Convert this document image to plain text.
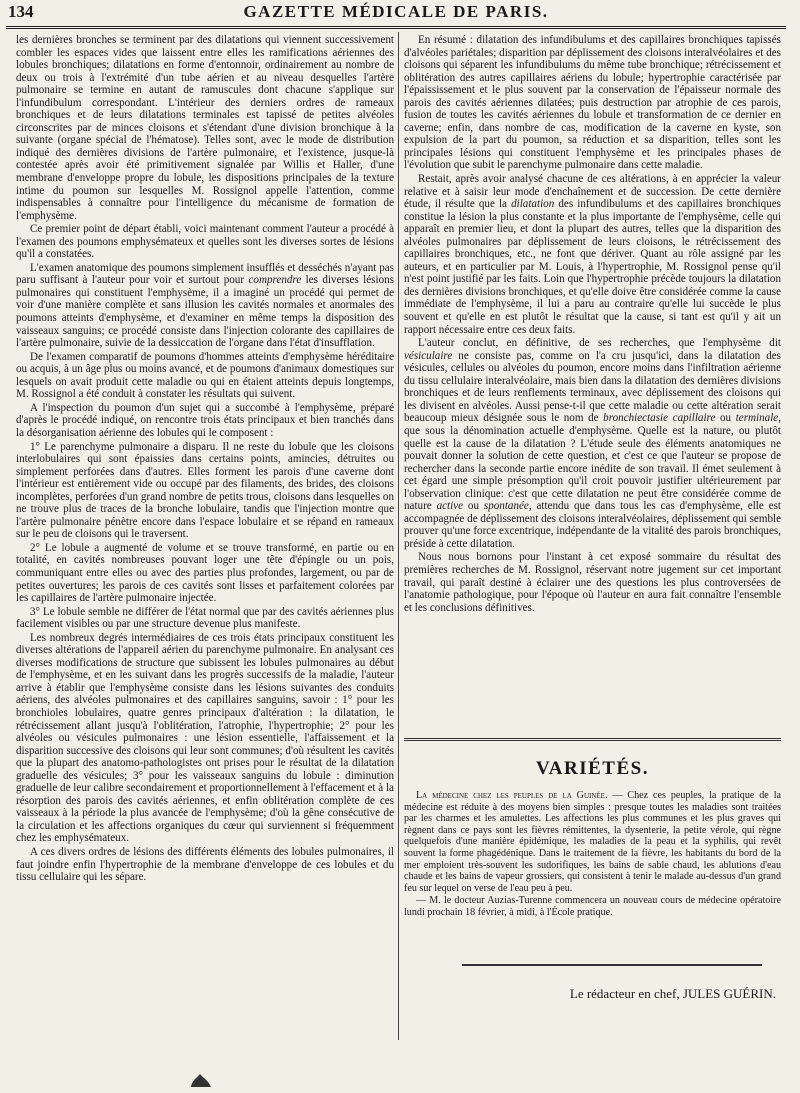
134	GAZETTE MÉDICALE DE PARIS.

les dernières bronches se terminent par des dilatations qui viennent successivement combler les espaces vides que laissent entre elles les ramifications aériennes des lobules bronchiques; dilatations en forme d'entonnoir, ordinairement au nombre de deux ou trois à l'extrémité d'un tube aérien et au niveau desquelles l'artère pulmonaire se termine en autant de ramuscules dont chacune s'applique sur l'infundibulum correspondant. L'intérieur des derniers ordres de rameaux bronchiques et de leurs dilatations terminales est tapissé de petites alvéoles circonscrites par de minces cloisons et s'étendant d'une division bronchique à la suivante (organe spécial de l'hématose). Telles sont, avec le mode de distribution indiqué des dernières divisions de l'artère pulmonaire, et l'existence, jusque-là contestée après avoir été primitivement signalée par Willis et Haller, d'une membrane d'enveloppe propre du lobule, les dispositions principales de la texture intime du poumon sur lesquelles M. Rossignol appelle l'attention, comme indispensables à connaître pour l'intelligence du mécanisme de formation de l'emphysème.

Ce premier point de départ établi, voici maintenant comment l'auteur a procédé à l'examen des poumons emphysémateux et quelles sont les diverses sortes de lésions qu'il a constatées.

L'examen anatomique des poumons simplement insufflés et desséchés n'ayant pas paru suffisant à l'auteur pour voir et surtout pour comprendre les diverses lésions pulmonaires qui constituent l'emphysème, il a imaginé un procédé qui permet de voir d'une manière complète et sans illusion les cavités normales et anormales des poumons atteints d'emphysème, et d'examiner en même temps la disposition des vaisseaux sanguins; ce procédé consiste dans l'injection colorante des capillaires de l'artère pulmonaire, suivie de la dessiccation de l'organe dans l'état d'insufflation.

De l'examen comparatif de poumons d'hommes atteints d'emphysème héréditaire ou acquis, à un âge plus ou moins avancé, et de poumons d'animaux domestiques sur lesquels on avait produit cette maladie ou qui en étaient atteints depuis longtemps, M. Rossignol a été conduit à constater les résultats qui suivent.

A l'inspection du poumon d'un sujet qui a succombé à l'emphysème, préparé d'après le procédé indiqué, on rencontre trois états principaux et bien tranchés dans la désorganisation aérienne des lobules qui le composent :

1° Le parenchyme pulmonaire a disparu. Il ne reste du lobule que les cloisons interlobulaires qui sont épaissies dans certains points, amincies, détruites ou simplement perforées dans d'autres. Elles forment les parois d'une caverne dont l'intérieur est entièrement vide ou occupé par des filaments, des brides, des cloisons incomplètes, perforées d'un grand nombre de petits trous, cloisons dans lesquelles on ne trouve plus de traces de la bronche lobulaire, tandis que l'injection montre que l'artère pulmonaire pénètre encore dans l'espace lobulaire et se répand en rameaux sur le peu de cloisons qui le traversent.

2° Le lobule a augmenté de volume et se trouve transformé, en partie ou en totalité, en cavités nombreuses pouvant loger une tête d'épingle ou un pois, communiquant entre elles ou avec des parties plus profondes, largement, ou par de petites ouvertures; les parois de ces cavités sont lisses et parfaitement colorées par les capillaires de l'artère pulmonaire injectée.

3° Le lobule semble ne différer de l'état normal que par des cavités aériennes plus facilement visibles ou par une structure devenue plus manifeste.

Les nombreux degrés intermédiaires de ces trois états principaux constituent les diverses altérations de l'appareil aérien du parenchyme pulmonaire. En analysant ces diverses modifications de structure que subissent les lobules pulmonaires au début de l'emphysème, et en les suivant dans les progrès successifs de la maladie, l'auteur arrive à établir que l'emphysème consiste dans les lésions suivantes des conduits aériens, des alvéoles pulmonaires et des capillaires sanguins, savoir : 1° pour les bronchioles lobulaires, quatre genres principaux d'altération : la dilatation, le rétrécissement allant jusqu'à l'oblitération, l'atrophie, l'hypertrophie; 2° pour les alvéoles ou vésicules pulmonaires : une lésion essentielle, l'affaissement et la disparition successive des cloisons qui leur sont communes; d'où résultent les cavités que la plupart des anatomo-pathologistes ont prises pour le résultat de la dilatation graduelle des vésicules; 3° pour les vaisseaux sanguins du lobule : diminution graduelle de leur calibre secondairement et proportionnellement à l'effacement et à la résorption des parois des cavités aériennes, et enfin oblitération complète de ces vaisseaux à la période la plus avancée de l'emphysème; d'où la gêne consécutive de la circulation et les affections organiques du cœur qui surviennent si fréquemment chez les emphysémateux.

A ces divers ordres de lésions des différents éléments des lobules pulmonaires, il faut joindre enfin l'hypertrophie de la membrane d'enveloppe de ces lobules et du tissu cellulaire qui les sépare.

En résumé : dilatation des infundibulums et des capillaires bronchiques tapissés d'alvéoles pariétales; disparition par déplissement des cloisons interalvéolaires et des cloisons qui séparent les infundibulums du même tube bronchique; rétrécissement et oblitération des autres capillaires aériens du lobule; hypertrophie caractérisée par l'épaississement et le plus souvent par la conservation de l'épaisseur normale des parois des cavités aériennes dilatées; puis destruction par atrophie de ces parois, fusion de toutes les cavités aériennes du lobule et transformation de ce dernier en caverne; enfin, dans nombre de cas, modification de la caverne en kyste, son expulsion de la part du poumon, sa réduction et sa disparition, telles sont les principales lésions qui constituent l'emphysème et les principales phases de l'évolution que subit le parenchyme pulmonaire dans cette maladie.

Restait, après avoir analysé chacune de ces altérations, à en apprécier la valeur relative et à saisir leur mode d'enchaînement et de succession. De cette dernière étude, il résulte que la dilatation des infundibulums et des capillaires bronchiques constitue la lésion la plus constante et la plus importante de l'emphysème, celle qui apparaît en premier lieu, et dont la plupart des autres, telles que la disparition des alvéoles pulmonaires par déplissement de leurs cloisons, le rétrécissement des capillaires bronchiques, etc., ne font que dériver. Quant au rôle assigné par les auteurs, et en particulier par M. Louis, à l'hypertrophie, M. Rossignol pense qu'il n'est point justifié par les faits. Loin que l'hypertrophie précède toujours la dilatation des dernières divisions bronchiques, et qu'elle doive être considérée comme la cause immédiate de l'emphysème, il lui a paru au contraire qu'elle lui succède le plus souvent et qu'elle en est plutôt le résultat que la cause, si tant est qu'il y ait un rapport nécessaire entre ces deux faits.

L'auteur conclut, en définitive, de ses recherches, que l'emphysème dit vésiculaire ne consiste pas, comme on l'a cru jusqu'ici, dans la dilatation des vésicules, cellules ou alvéoles du poumon, encore moins dans l'infiltration aérienne du tissu cellulaire interalvéolaire, mais bien dans la dilatation des dernières divisions bronchiques et de leurs renflements terminaux, avec déplissement des cloisons qui les divisent en alvéoles. Aussi pense-t-il que cette maladie ou cette altération serait beaucoup mieux désignée sous le nom de bronchiectasie capillaire ou terminale, que sous la dénomination actuelle d'emphysème. Quelle est la nature, ou plutôt quelle est la cause de la dilatation ? L'étude seule des éléments anatomiques ne pouvait donner la solution de cette question, et c'est ce que l'auteur se propose de rechercher dans la seconde partie encore inédite de son travail. Il émet seulement à cet égard une simple présomption qu'il croit pouvoir justifier ultérieurement par l'observation clinique: c'est que cette dilatation ne peut être considérée comme de nature active ou spontanée, attendu que dans tous les cas d'emphysème, elle est accompagnée de déplissement des cloisons interalvéolaires, déplissement qui semble prouver qu'une force excentrique, indépendante de la vitalité des parois bronchiques, préside à cette dilatation.

Nous nous bornons pour l'instant à cet exposé sommaire du résultat des premières recherches de M. Rossignol, réservant notre jugement sur cet important travail, qui paraît destiné à éclairer une des questions les plus controversées de l'anatomie pathologique, pour l'époque où l'auteur en aura fait connaître l'ensemble et les conclusions définitives.

VARIÉTÉS.

La médecine chez les peuples de la Guinée. — Chez ces peuples, la pratique de la médecine est réduite à des moyens bien simples : presque toutes les maladies sont traitées par les charmes et les amulettes. Les affections les plus communes et les plus graves qui règnent dans ce pays sont les fièvres rémittentes, la dysenterie, la petite vérole, qui règne quelquefois d'une manière épidémique, les maladies de la peau et la syphilis, qui revêt souvent la forme phagédénique. Dans le traitement de la fièvre, les habitants du bord de la mer emploient très-souvent les sudorifiques, les bains de sable chaud, les ablutions d'eau chaude et les bains de vapeur grossiers, qui consistent à tenir le malade au-dessus d'un grand feu sur lequel on verse de l'eau peu à peu.

— M. le docteur Auzias-Turenne commencera un nouveau cours de médecine opératoire lundi prochain 18 février, à midi, à l'École pratique.

Le rédacteur en chef, JULES GUÉRIN.
